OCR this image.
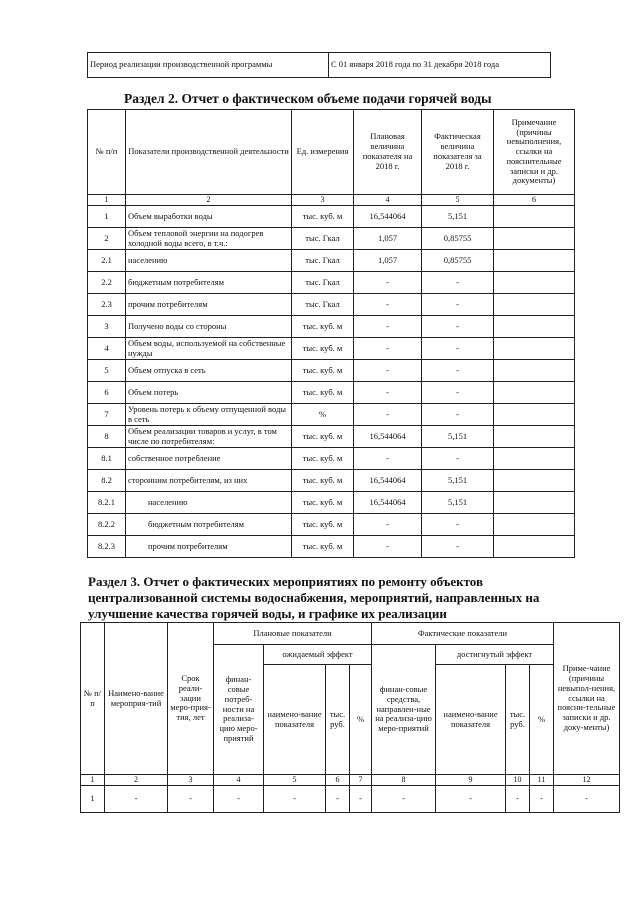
Период реализации производственной программы	С 01 января 2018 года по 31 декабря 2018 года
Раздел 2. Отчет о фактическом объеме подачи горячей воды
№ п/п	Показатели производственной деятельности	Ед. измерения	Плановая величина показателя на 2018 г.	Фактическая величина показателя за 2018 г.	Примечание (причины невыполнения, ссылки на пояснительные записки и др. документы)
1	2	3	4	5	6
1	Объем выработки воды	тыс. куб. м	16,544064	5,151	
2	Объем тепловой энергии на подогрев холодной воды всего, в т.ч.:	тыс. Гкал	1,057	0,85755	
2.1	населению	тыс. Гкал	1,057	0,85755	
2.2	бюджетным потребителям	тыс. Гкал	-	-	
2.3	прочим потребителям	тыс. Гкал	-	-	
3	Получено воды со стороны	тыс. куб. м	-	-	
4	Объем воды, используемой на собственные нужды	тыс. куб. м	-	-	
5	Объем отпуска в сеть	тыс. куб. м	-	-	
6	Объем потерь	тыс. куб. м	-	-	
7	Уровень потерь к объему отпущенной воды в сеть	%	-	-	
8	Объем реализации товаров и услуг, в том числе по потребителям:	тыс. куб. м	16,544064	5,151	
8.1	собственное потребление	тыс. куб. м	-	-	
8.2	сторонним потребителям, из них	тыс. куб. м	16,544064	5,151	
8.2.1	населению	тыс. куб. м	16,544064	5,151	
8.2.2	бюджетным потребителям	тыс. куб. м	-	-	
8.2.3	прочим потребителям	тыс. куб. м	-	-	
Раздел 3. Отчет о фактических мероприятиях по ремонту объектов
централизованной системы водоснабжения, мероприятий, направленных на
улучшение качества горячей воды, и графике их реализации
№ п/п	Наимено-вание мероприя-тий	Срок реали-зации меро-прия-тия, лет	Плановые показатели				Фактические показатели				Приме-чание (причины невыпол-нения, ссылки на поясни-тельные записки и др. доку-менты)
			финан-совые потреб-ности на реализа-цию меро-приятий	ожидаемый эффект			финан-совые средства, направлен-ные на реализа-цию меро-приятий	достигнутый эффект			
				наимено-вание показателя	тыс. руб.	%		наимено-вание показателя	тыс. руб.	%	
1	2	3	4	5	6	7	8	9	10	11	12
1	-	-	-	-	-	-	-	-	-	-	-
